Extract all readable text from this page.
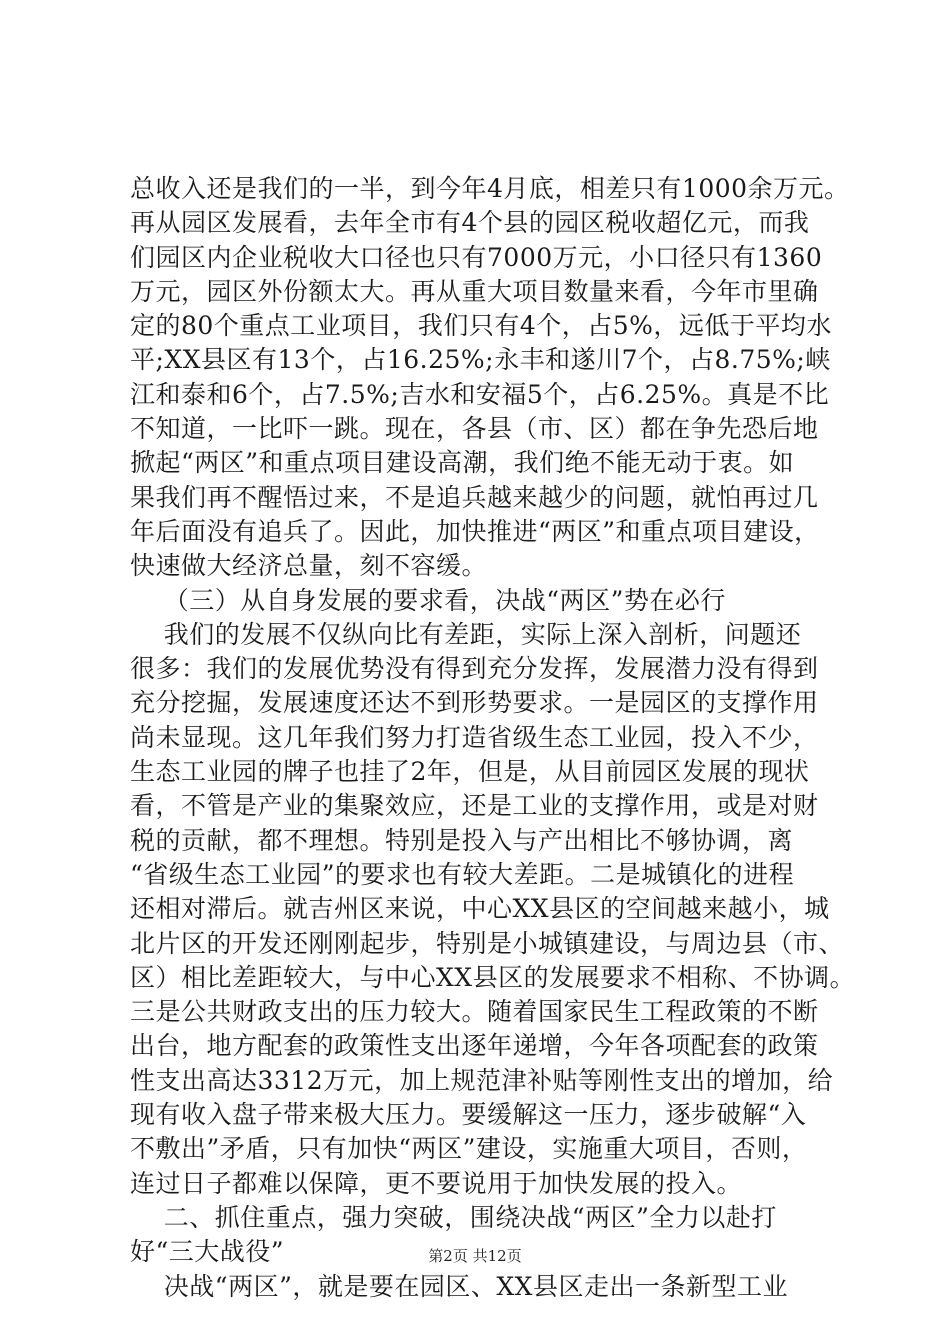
总收入还是我们的一半，到今年4月底，相差只有1000余万元。
再从园区发展看，去年全市有4个县的园区税收超亿元，而我
们园区内企业税收大口径也只有7000万元，小口径只有1360
万元，园区外份额太大。再从重大项目数量来看，今年市里确
定的80个重点工业项目，我们只有4个，占5%，远低于平均水
平;XX县区有13个，占16.25%;永丰和遂川7个，占8.75%;峡
江和泰和6个，占7.5%;吉水和安福5个，占6.25%。真是不比
不知道，一比吓一跳。现在，各县（市、区）都在争先恐后地
掀起“两区”和重点项目建设高潮，我们绝不能无动于衷。如
果我们再不醒悟过来，不是追兵越来越少的问题，就怕再过几
年后面没有追兵了。因此，加快推进“两区”和重点项目建设，
快速做大经济总量，刻不容缓。
（三）从自身发展的要求看，决战“两区”势在必行
我们的发展不仅纵向比有差距，实际上深入剖析，问题还
很多：我们的发展优势没有得到充分发挥，发展潜力没有得到
充分挖掘，发展速度还达不到形势要求。一是园区的支撑作用
尚未显现。这几年我们努力打造省级生态工业园，投入不少，
生态工业园的牌子也挂了2年，但是，从目前园区发展的现状
看，不管是产业的集聚效应，还是工业的支撑作用，或是对财
税的贡献，都不理想。特别是投入与产出相比不够协调，离
“省级生态工业园”的要求也有较大差距。二是城镇化的进程
还相对滞后。就吉州区来说，中心XX县区的空间越来越小，城
北片区的开发还刚刚起步，特别是小城镇建设，与周边县（市、
区）相比差距较大，与中心XX县区的发展要求不相称、不协调。
三是公共财政支出的压力较大。随着国家民生工程政策的不断
出台，地方配套的政策性支出逐年递增，今年各项配套的政策
性支出高达3312万元，加上规范津补贴等刚性支出的增加，给
现有收入盘子带来极大压力。要缓解这一压力，逐步破解“入
不敷出”矛盾，只有加快“两区”建设，实施重大项目，否则，
连过日子都难以保障，更不要说用于加快发展的投入。
二、抓住重点，强力突破，围绕决战“两区”全力以赴打
好“三大战役”
决战“两区”，就是要在园区、XX县区走出一条新型工业
第2页 共12页
